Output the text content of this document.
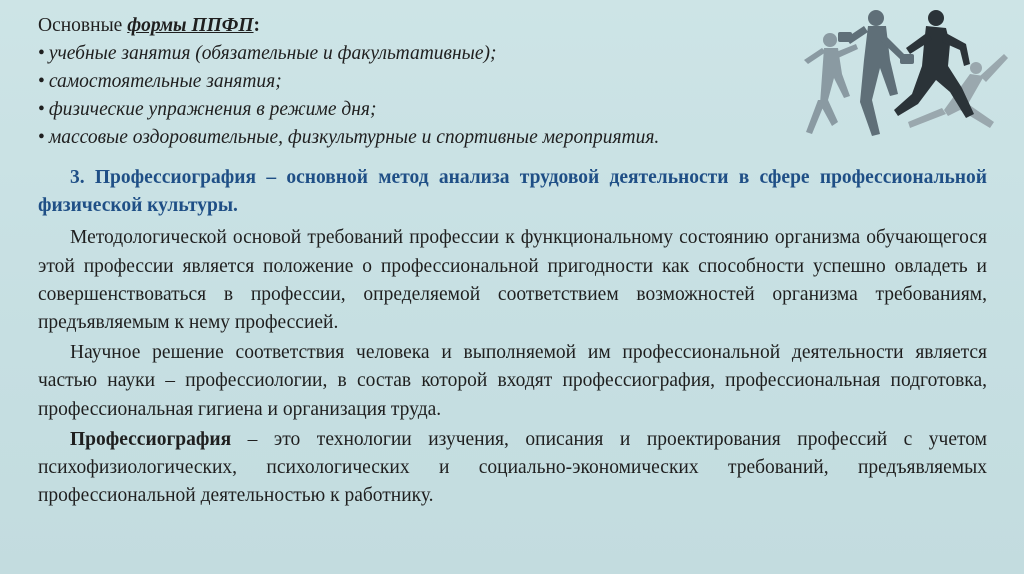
Основные формы ППФП:
• учебные занятия (обязательные и факультативные);
• самостоятельные занятия;
• физические упражнения в режиме дня;
• массовые оздоровительные, физкультурные и спортивные мероприятия.

3. Профессиография – основной метод анализа трудовой деятельности в сфере профессиональной физической культуры.

Методологической основой требований профессии к функциональному состоянию организма обучающегося этой профессии является положение о профессиональной пригодности как способности успешно овладеть и совершенствоваться в профессии, определяемой соответствием возможностей организма требованиям, предъявляемым к нему профессией.

Научное решение соответствия человека и выполняемой им профессиональной деятельности является частью науки – профессиологии, в состав которой входят профессиография, профессиональная подготовка, профессиональная гигиена и организация труда.

Профессиография – это технологии изучения, описания и проектирования профессий с учетом психофизиологических, психологических и социально-экономических требований, предъявляемых профессиональной деятельностью к работнику.
